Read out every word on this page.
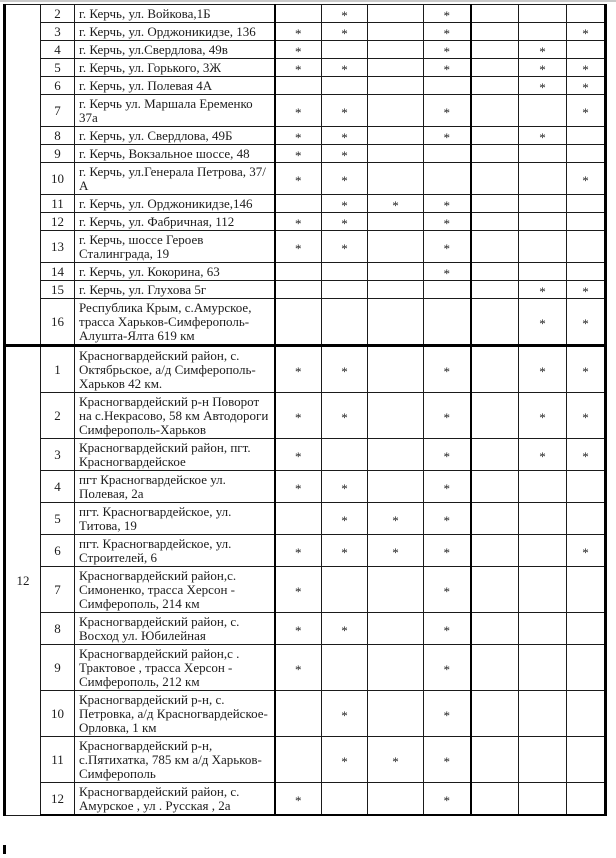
	2	г. Керчь, ул. Войкова,1Б		*		*			
	3	г. Керчь, ул. Орджоникидзе, 136	*	*		*			*
	4	г. Керчь, ул.Свердлова, 49в	*			*		*	
	5	г. Керчь, ул. Горького, 3Ж	*	*		*		*	*
	6	г. Керчь, ул. Полевая 4А						*	*
	7	г. Керчь ул. Маршала Еременко 37а	*	*		*			*
	8	г. Керчь, ул. Свердлова, 49Б	*	*		*		*	
	9	г. Керчь, Вокзальное шоссе, 48	*	*					
	10	г. Керчь, ул.Генерала Петрова, 37/А	*	*					*
	11	г. Керчь, ул. Орджоникидзе,146		*	*	*			
	12	г. Керчь, ул. Фабричная, 112	*	*		*			
	13	г. Керчь, шоссе Героев Сталинграда, 19	*	*		*			
	14	г. Керчь, ул. Кокорина, 63				*			
	15	г. Керчь, ул. Глухова 5г						*	*
	16	Республика Крым, с.Амурское, трасса Харьков-Симферополь-Алушта-Ялта 619 км						*	*
12	1	Красногвардейский район, с. Октябрьское, а/д Симферополь-Харьков 42 км.	*	*		*		*	*
	2	Красногвардейский р-н Поворот на с.Некрасово, 58 км Автодороги Симферополь-Харьков	*	*		*		*	*
	3	Красногвардейский район, пгт. Красногвардейское	*			*		*	*
	4	пгт Красногвардейское ул. Полевая, 2а	*	*		*			
	5	пгт. Красногвардейское, ул. Титова, 19		*	*	*			
	6	пгт. Красногвардейское, ул. Строителей, 6	*	*	*	*			*
	7	Красногвардейский район,с. Симоненко, трасса Херсон - Симферополь, 214 км	*			*			
	8	Красногвардейский район, с. Восход ул. Юбилейная	*	*		*			
	9	Красногвардейский район,с . Трактовое , трасса Херсон - Симферополь, 212 км	*			*			
	10	Красногвардейский р-н, с. Петровка, а/д Красногвардейское-Орловка, 1 км		*		*			
	11	Красногвардейский р-н, с.Пятихатка, 785 км а/д Харьков-Симферополь		*	*	*			
	12	Красногвардейский район, с. Амурское , ул . Русская , 2а	*			*			
